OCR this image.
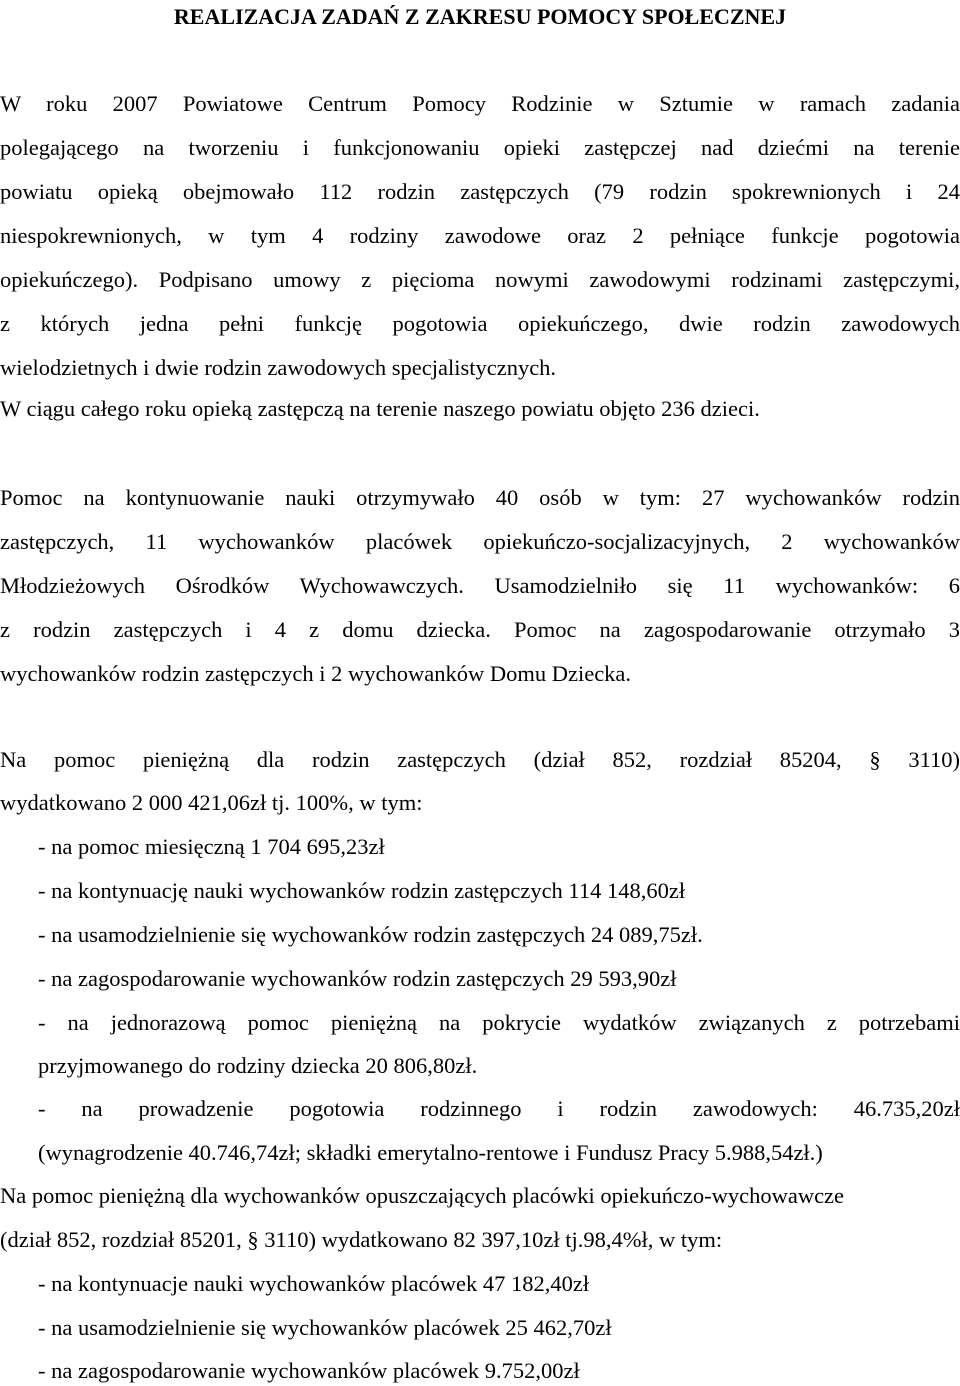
REALIZACJA ZADAŃ Z ZAKRESU POMOCY SPOŁECZNEJ

W roku 2007 Powiatowe Centrum Pomocy Rodzinie w Sztumie w ramach zadania

polegającego na tworzeniu i funkcjonowaniu opieki zastępczej nad dziećmi na terenie

powiatu opieką obejmowało 112 rodzin zastępczych (79 rodzin spokrewnionych i 24

niespokrewnionych, w tym 4 rodziny zawodowe oraz 2 pełniące funkcje pogotowia

opiekuńczego). Podpisano umowy z pięcioma nowymi zawodowymi rodzinami zastępczymi,

z których jedna pełni funkcję pogotowia opiekuńczego, dwie rodzin zawodowych

wielodzietnych i dwie rodzin zawodowych specjalistycznych.

W ciągu całego roku opieką zastępczą na terenie naszego powiatu objęto 236 dzieci.

Pomoc na kontynuowanie nauki otrzymywało 40 osób w tym: 27 wychowanków rodzin

zastępczych, 11 wychowanków placówek opiekuńczo-socjalizacyjnych, 2 wychowanków

Młodzieżowych Ośrodków Wychowawczych. Usamodzielniło się 11 wychowanków: 6

z rodzin zastępczych i 4 z domu dziecka. Pomoc na zagospodarowanie otrzymało 3

wychowanków rodzin zastępczych i 2 wychowanków Domu Dziecka.

Na pomoc pieniężną dla rodzin zastępczych (dział 852, rozdział 85204, § 3110)

wydatkowano 2 000 421,06zł tj. 100%, w tym:

- na pomoc miesięczną 1 704 695,23zł

- na kontynuację nauki wychowanków rodzin zastępczych 114 148,60zł

- na usamodzielnienie się wychowanków rodzin zastępczych 24 089,75zł.

- na zagospodarowanie wychowanków rodzin zastępczych 29 593,90zł

- na jednorazową pomoc pieniężną na pokrycie wydatków związanych z potrzebami

przyjmowanego do rodziny dziecka 20 806,80zł.

- na prowadzenie pogotowia rodzinnego i rodzin zawodowych: 46.735,20zł

(wynagrodzenie 40.746,74zł; składki emerytalno-rentowe i Fundusz Pracy 5.988,54zł.)

Na pomoc pieniężną dla wychowanków opuszczających placówki opiekuńczo-wychowawcze

(dział 852, rozdział 85201, § 3110) wydatkowano 82 397,10zł tj.98,4%ł, w tym:

- na kontynuacje nauki wychowanków placówek 47 182,40zł

- na usamodzielnienie się wychowanków placówek 25 462,70zł

- na zagospodarowanie wychowanków placówek 9.752,00zł
